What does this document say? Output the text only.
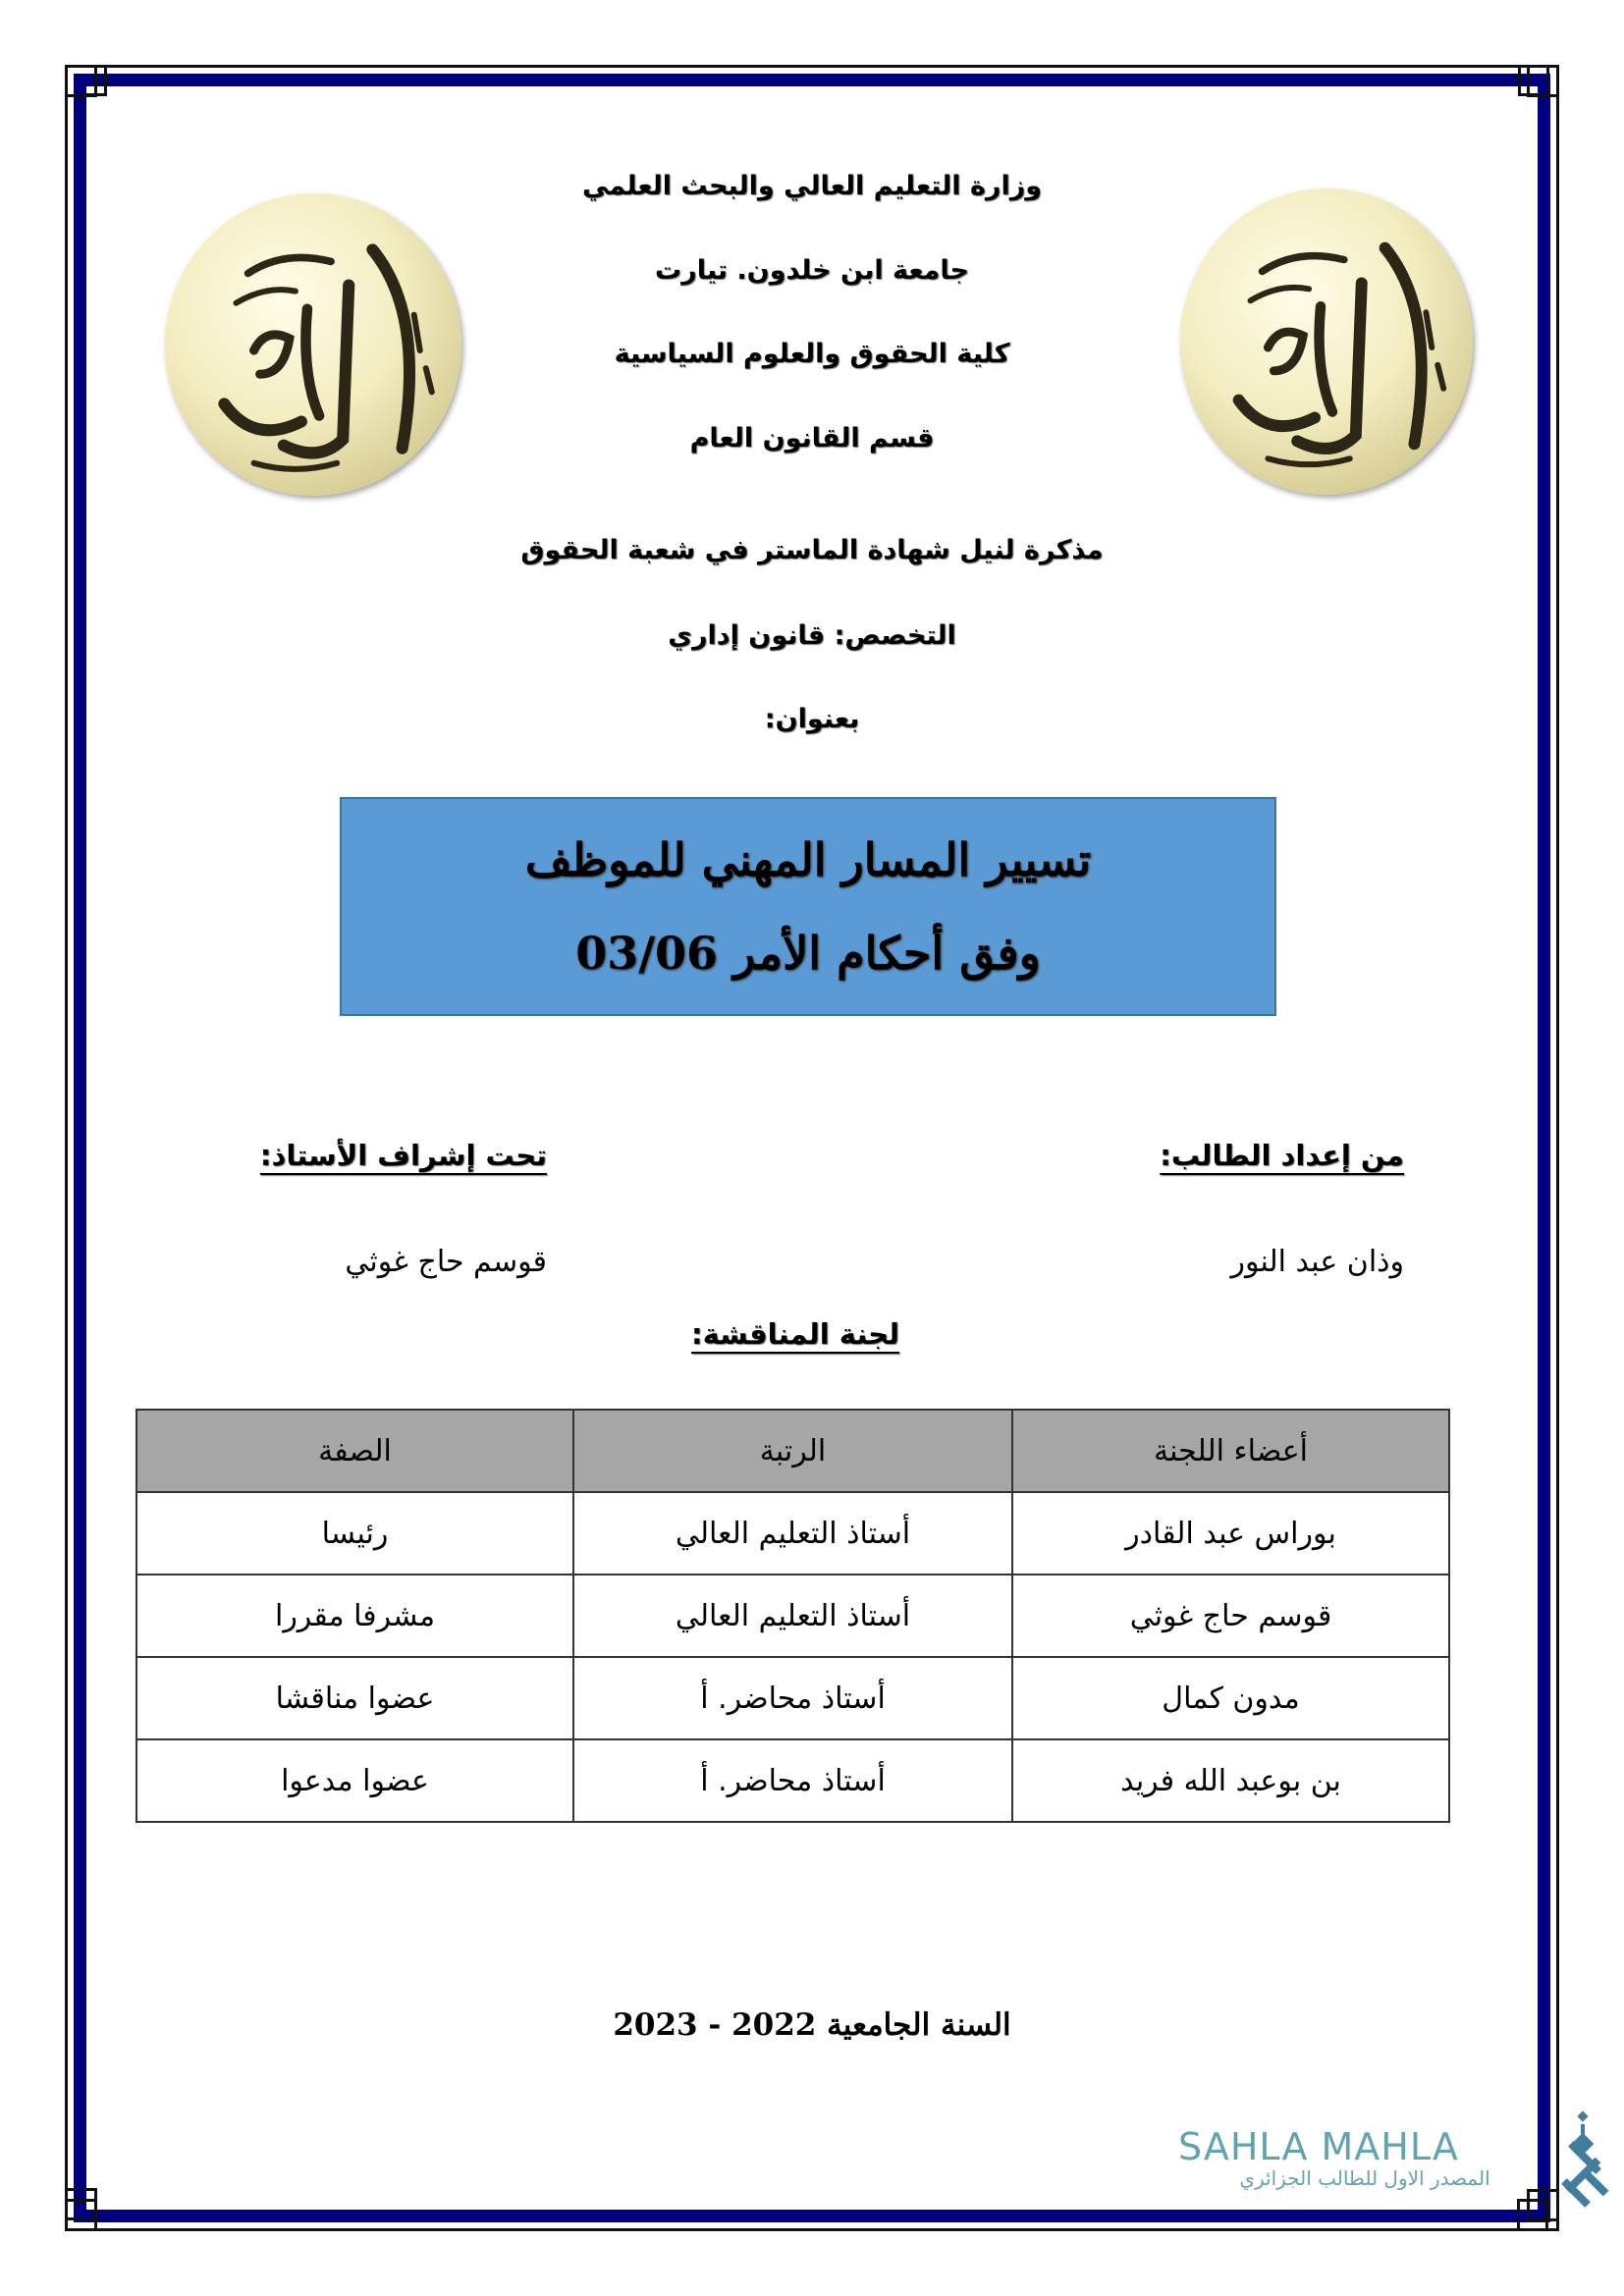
وزارة التعليم العالي والبحث العلمي
جامعة ابن خلدون. تيارت
كلية الحقوق والعلوم السياسية
قسم القانون العام
مذكرة لنيل شهادة الماستر في شعبة الحقوق
التخصص: قانون إداري
بعنوان:
تسيير المسار المهني للموظف
وفق أحكام الأمر 03/06
من إعداد الطالب:
وذان عبد النور
تحت إشراف الأستاذ:
قوسم حاج غوثي
لجنة المناقشة:
أعضاء اللجنة	الرتبة	الصفة
بوراس عبد القادر	أستاذ التعليم العالي	رئيسا
قوسم حاج غوثي	أستاذ التعليم العالي	مشرفا مقررا
مدون كمال	أستاذ محاضر. أ	عضوا مناقشا
بن بوعبد الله فريد	أستاذ محاضر. أ	عضوا مدعوا
السنة الجامعية 2022 - 2023
SAHLA MAHLA
المصدر الاول للطالب الجزائري
